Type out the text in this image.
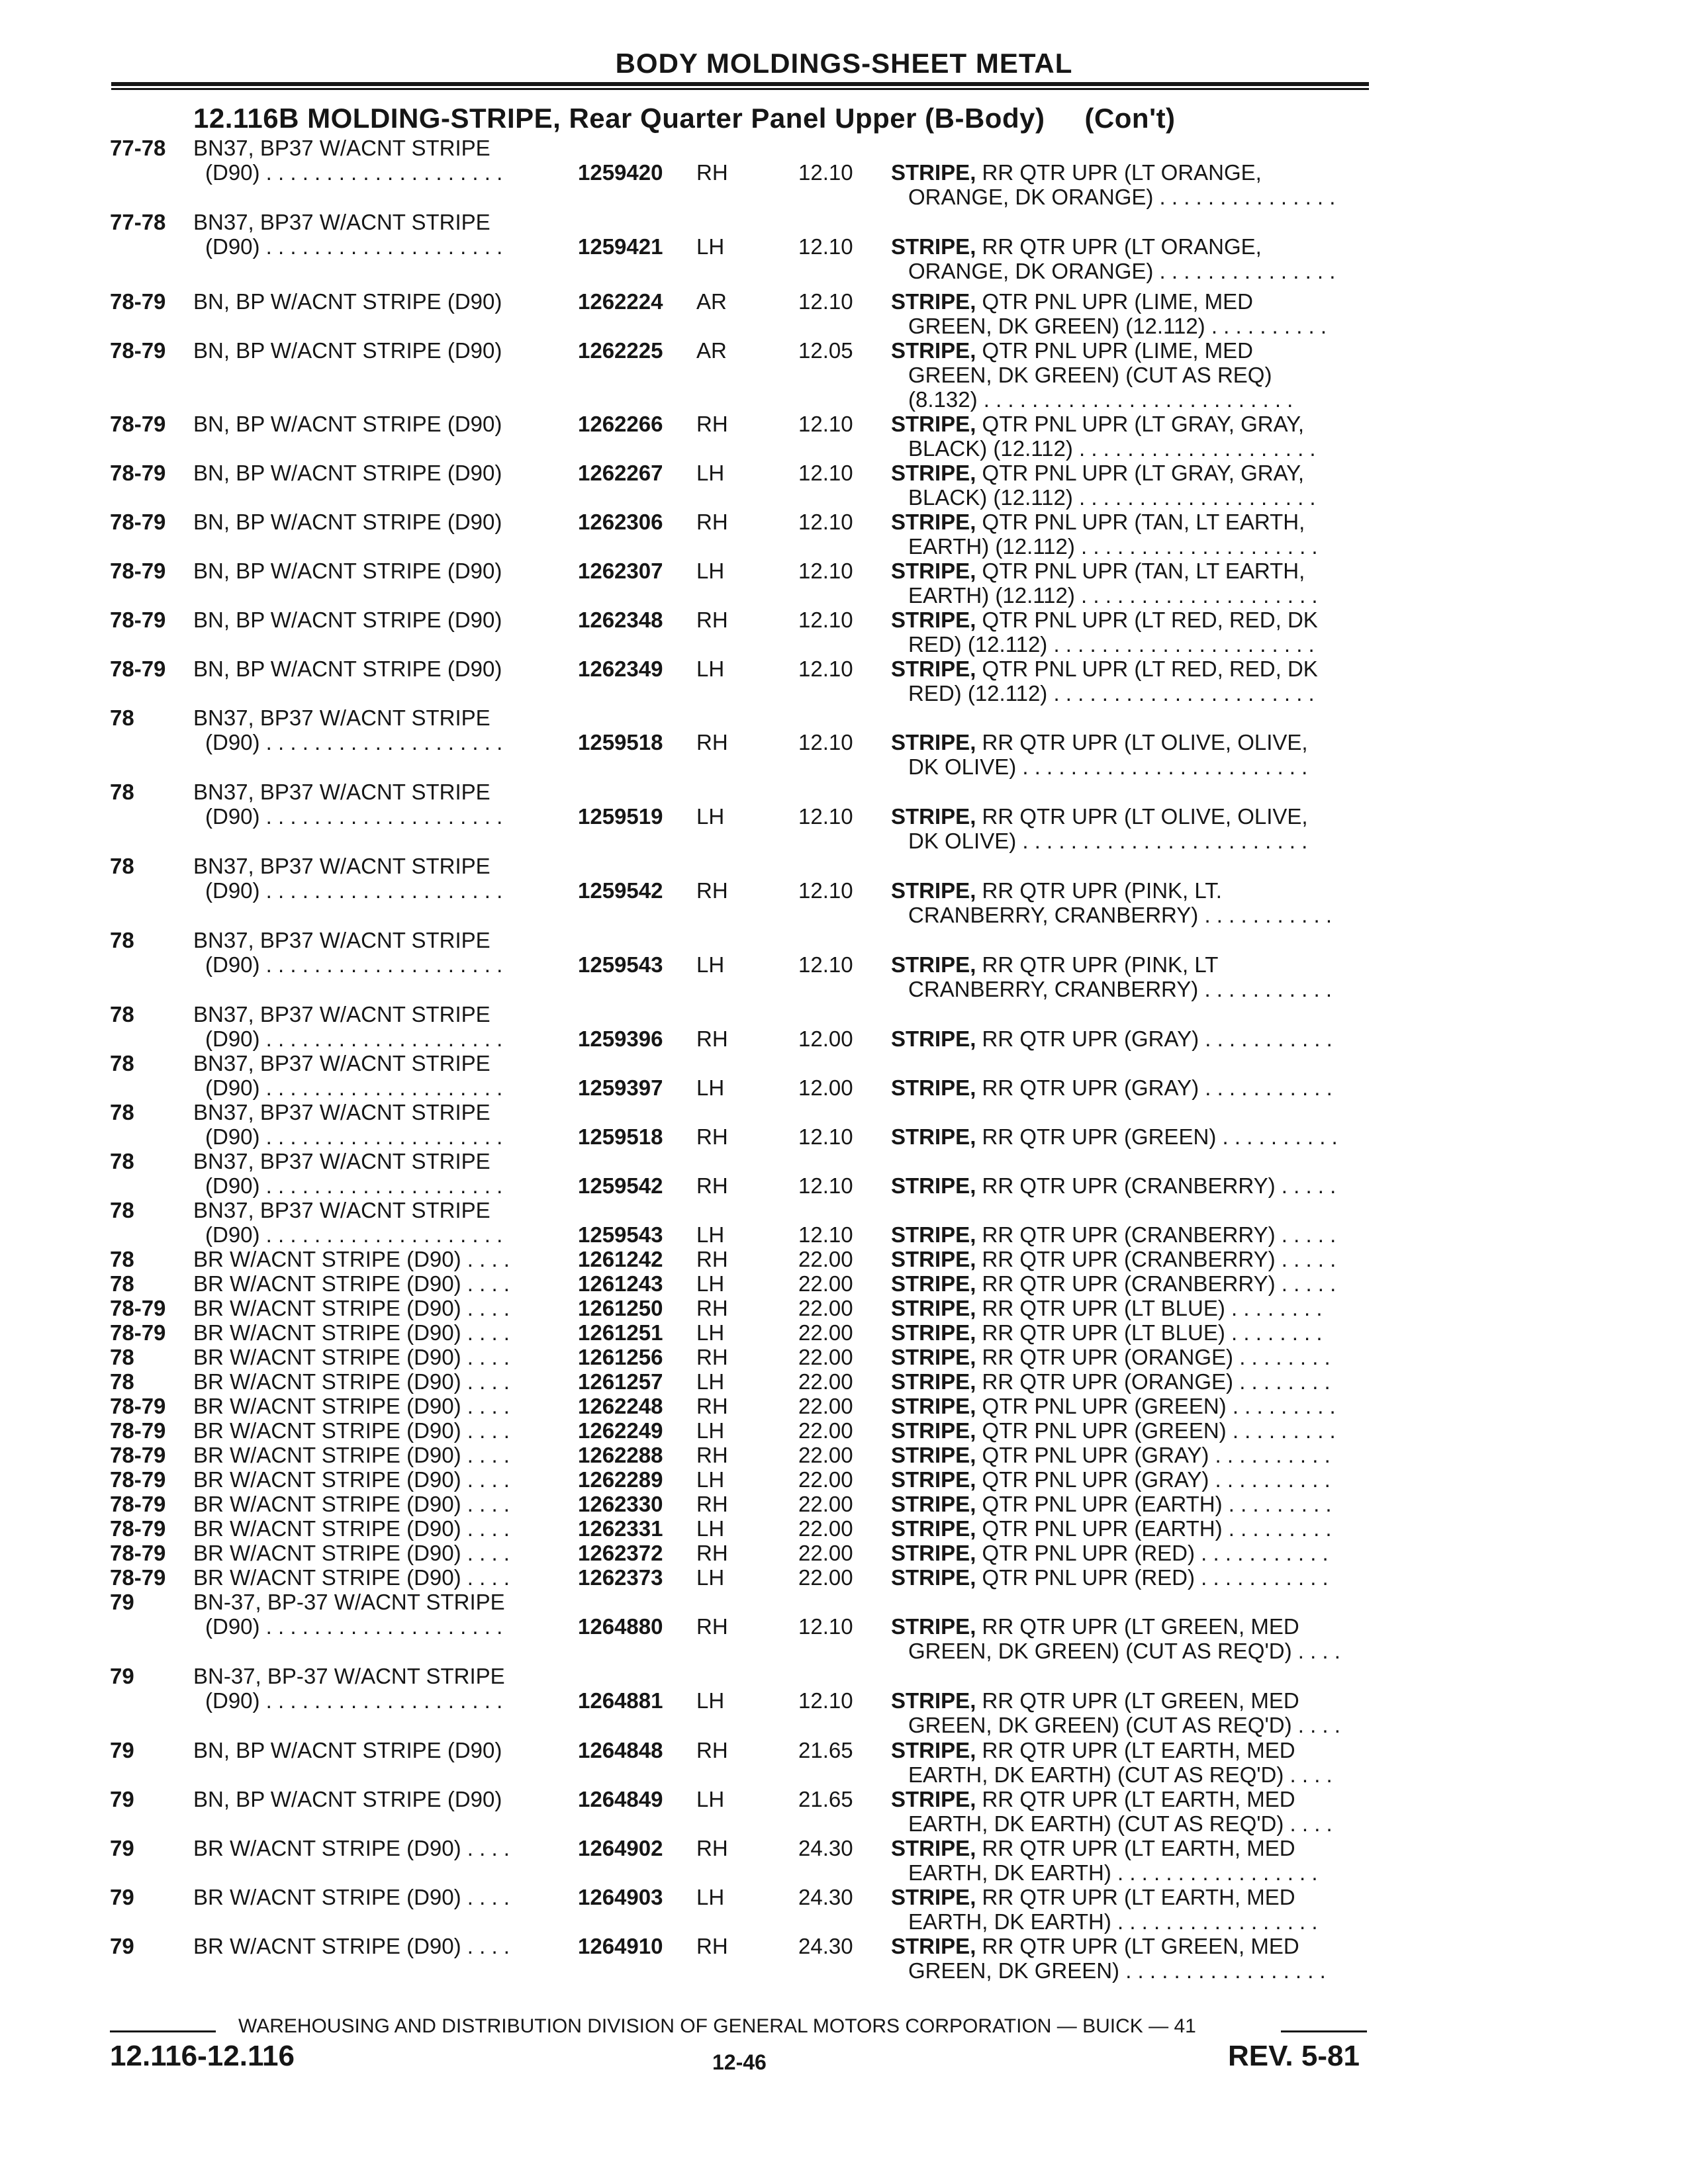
BODY MOLDINGS-SHEET METAL
12.116B MOLDING-STRIPE, Rear Quarter Panel Upper (B-Body) (Con't)
77-78 BN37, BP37 W/ACNT STRIPE
(D90) . . . . . . . . . . . . . . . . . . . .	1259420 RH	12.10 STRIPE, RR QTR UPR (LT ORANGE,
ORANGE, DK ORANGE) . . . . . . . . . . . . . . .
77-78 BN37, BP37 W/ACNT STRIPE
(D90) . . . . . . . . . . . . . . . . . . . .	1259421 LH	12.10 STRIPE, RR QTR UPR (LT ORANGE,
ORANGE, DK ORANGE) . . . . . . . . . . . . . . .
78-79 BN, BP W/ACNT STRIPE (D90)	1262224 AR	12.10 STRIPE, QTR PNL UPR (LIME, MED
GREEN, DK GREEN) (12.112) . . . . . . . . . .
78-79 BN, BP W/ACNT STRIPE (D90)	1262225 AR	12.05 STRIPE, QTR PNL UPR (LIME, MED
GREEN, DK GREEN) (CUT AS REQ)
(8.132) . . . . . . . . . . . . . . . . . . . . . . . . . .
78-79 BN, BP W/ACNT STRIPE (D90)	1262266 RH	12.10 STRIPE, QTR PNL UPR (LT GRAY, GRAY,
BLACK) (12.112) . . . . . . . . . . . . . . . . . . . .
78-79 BN, BP W/ACNT STRIPE (D90)	1262267 LH	12.10 STRIPE, QTR PNL UPR (LT GRAY, GRAY,
BLACK) (12.112) . . . . . . . . . . . . . . . . . . . .
78-79 BN, BP W/ACNT STRIPE (D90)	1262306 RH	12.10 STRIPE, QTR PNL UPR (TAN, LT EARTH,
EARTH) (12.112) . . . . . . . . . . . . . . . . . . . .
78-79 BN, BP W/ACNT STRIPE (D90)	1262307 LH	12.10 STRIPE, QTR PNL UPR (TAN, LT EARTH,
EARTH) (12.112) . . . . . . . . . . . . . . . . . . . .
78-79 BN, BP W/ACNT STRIPE (D90)	1262348 RH	12.10 STRIPE, QTR PNL UPR (LT RED, RED, DK
RED) (12.112) . . . . . . . . . . . . . . . . . . . . . .
78-79 BN, BP W/ACNT STRIPE (D90)	1262349 LH	12.10 STRIPE, QTR PNL UPR (LT RED, RED, DK
RED) (12.112) . . . . . . . . . . . . . . . . . . . . . .
78	BN37, BP37 W/ACNT STRIPE
(D90) . . . . . . . . . . . . . . . . . . . .	1259518 RH	12.10 STRIPE, RR QTR UPR (LT OLIVE, OLIVE,
DK OLIVE) . . . . . . . . . . . . . . . . . . . . . . . .
78	BN37, BP37 W/ACNT STRIPE
(D90) . . . . . . . . . . . . . . . . . . . .	1259519 LH	12.10 STRIPE, RR QTR UPR (LT OLIVE, OLIVE,
DK OLIVE) . . . . . . . . . . . . . . . . . . . . . . . .
78	BN37, BP37 W/ACNT STRIPE
(D90) . . . . . . . . . . . . . . . . . . . .	1259542 RH	12.10 STRIPE, RR QTR UPR (PINK, LT.
CRANBERRY, CRANBERRY) . . . . . . . . . . .
78	BN37, BP37 W/ACNT STRIPE
(D90) . . . . . . . . . . . . . . . . . . . .	1259543 LH	12.10 STRIPE, RR QTR UPR (PINK, LT
CRANBERRY, CRANBERRY) . . . . . . . . . . .
78	BN37, BP37 W/ACNT STRIPE
(D90) . . . . . . . . . . . . . . . . . . . .	1259396 RH	12.00 STRIPE, RR QTR UPR (GRAY) . . . . . . . . . . .
78	BN37, BP37 W/ACNT STRIPE
(D90) . . . . . . . . . . . . . . . . . . . .	1259397 LH	12.00 STRIPE, RR QTR UPR (GRAY) . . . . . . . . . . .
78	BN37, BP37 W/ACNT STRIPE
(D90) . . . . . . . . . . . . . . . . . . . .	1259518 RH	12.10 STRIPE, RR QTR UPR (GREEN) . . . . . . . . . .
78	BN37, BP37 W/ACNT STRIPE
(D90) . . . . . . . . . . . . . . . . . . . .	1259542 RH	12.10 STRIPE, RR QTR UPR (CRANBERRY) . . . . .
78	BN37, BP37 W/ACNT STRIPE
(D90) . . . . . . . . . . . . . . . . . . . .	1259543 LH	12.10 STRIPE, RR QTR UPR (CRANBERRY) . . . . .
78	BR W/ACNT STRIPE (D90) . . . .	1261242 RH	22.00 STRIPE, RR QTR UPR (CRANBERRY) . . . . .
78	BR W/ACNT STRIPE (D90) . . . .	1261243 LH	22.00 STRIPE, RR QTR UPR (CRANBERRY) . . . . .
78-79 BR W/ACNT STRIPE (D90) . . . .	1261250 RH	22.00 STRIPE, RR QTR UPR (LT BLUE) . . . . . . . .
78-79 BR W/ACNT STRIPE (D90) . . . .	1261251 LH	22.00 STRIPE, RR QTR UPR (LT BLUE) . . . . . . . .
78	BR W/ACNT STRIPE (D90) . . . .	1261256 RH	22.00 STRIPE, RR QTR UPR (ORANGE) . . . . . . . .
78	BR W/ACNT STRIPE (D90) . . . .	1261257 LH	22.00 STRIPE, RR QTR UPR (ORANGE) . . . . . . . .
78-79 BR W/ACNT STRIPE (D90) . . . .	1262248 RH	22.00 STRIPE, QTR PNL UPR (GREEN) . . . . . . . . .
78-79 BR W/ACNT STRIPE (D90) . . . .	1262249 LH	22.00 STRIPE, QTR PNL UPR (GREEN) . . . . . . . . .
78-79 BR W/ACNT STRIPE (D90) . . . .	1262288 RH	22.00 STRIPE, QTR PNL UPR (GRAY) . . . . . . . . . .
78-79 BR W/ACNT STRIPE (D90) . . . .	1262289 LH	22.00 STRIPE, QTR PNL UPR (GRAY) . . . . . . . . . .
78-79 BR W/ACNT STRIPE (D90) . . . .	1262330 RH	22.00 STRIPE, QTR PNL UPR (EARTH) . . . . . . . . .
78-79 BR W/ACNT STRIPE (D90) . . . .	1262331 LH	22.00 STRIPE, QTR PNL UPR (EARTH) . . . . . . . . .
78-79 BR W/ACNT STRIPE (D90) . . . .	1262372 RH	22.00 STRIPE, QTR PNL UPR (RED) . . . . . . . . . . .
78-79 BR W/ACNT STRIPE (D90) . . . .	1262373 LH	22.00 STRIPE, QTR PNL UPR (RED) . . . . . . . . . . .
79	BN-37, BP-37 W/ACNT STRIPE
(D90) . . . . . . . . . . . . . . . . . . . .	1264880 RH	12.10 STRIPE, RR QTR UPR (LT GREEN, MED
GREEN, DK GREEN) (CUT AS REQ'D) . . . .
79	BN-37, BP-37 W/ACNT STRIPE
(D90) . . . . . . . . . . . . . . . . . . . .	1264881 LH	12.10 STRIPE, RR QTR UPR (LT GREEN, MED
GREEN, DK GREEN) (CUT AS REQ'D) . . . .
79	BN, BP W/ACNT STRIPE (D90)	1264848 RH	21.65 STRIPE, RR QTR UPR (LT EARTH, MED
EARTH, DK EARTH) (CUT AS REQ'D) . . . .
79	BN, BP W/ACNT STRIPE (D90)	1264849 LH	21.65 STRIPE, RR QTR UPR (LT EARTH, MED
EARTH, DK EARTH) (CUT AS REQ'D) . . . .
79	BR W/ACNT STRIPE (D90) . . . .	1264902 RH	24.30 STRIPE, RR QTR UPR (LT EARTH, MED
EARTH, DK EARTH) . . . . . . . . . . . . . . . . .
79	BR W/ACNT STRIPE (D90) . . . .	1264903 LH	24.30 STRIPE, RR QTR UPR (LT EARTH, MED
EARTH, DK EARTH) . . . . . . . . . . . . . . . . .
79	BR W/ACNT STRIPE (D90) . . . .	1264910 RH	24.30 STRIPE, RR QTR UPR (LT GREEN, MED
GREEN, DK GREEN) . . . . . . . . . . . . . . . . .
WAREHOUSING AND DISTRIBUTION DIVISION OF GENERAL MOTORS CORPORATION — BUICK — 41
12.116-12.116	12-46	REV. 5-81
